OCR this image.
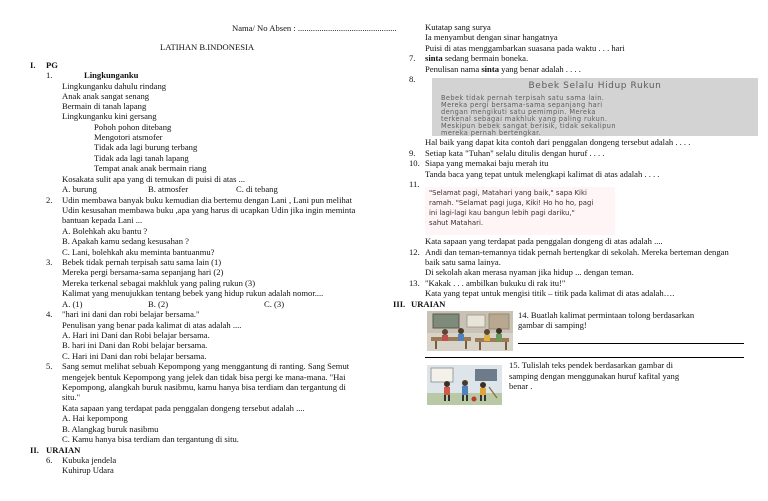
Nama/ No Absen : ..............................................
LATIHAN B.INDONESIA
I. PG
1.	Lingkunganku
Lingkunganku dahulu rindang
Anak anak sangat senang
Bermain di tanah lapang
Lingkunganku kini gersang
Pohoh pohon ditebang
Mengotori atsmofer
Tidak ada lagi burung terbang
Tidak ada lagi tanah lapang
Tempat anak anak bermain riang
Kosakata sulit apa yang di temukan di puisi di atas ...
A. burung	B. atmosfer	C. di tebang
2. Udin membawa banyak buku kemudian dia bertemu dengan Lani , Lani pun melihat
Udin kesusahan membawa buku ,apa yang harus di ucapkan Udin jika ingin meminta
bantuan kepada Lani ...
A. Bolehkah aku bantu ?
B. Apakah kamu sedang kesusahan ?
C. Lani, bolehkah aku meminta bantuanmu?
3. Bebek tidak pernah terpisah satu sama lain (1)
Mereka pergi bersama-sama sepanjang hari (2)
Mereka terkenal sebagai makhluk yang paling rukun (3)
Kalimat yang menujukkan tentang bebek yang hidup rukun adalah nomor....
A. (1)	B. (2)	C. (3)
4. "hari ini dani dan robi belajar bersama."
Penulisan yang benar pada kalimat di atas adalah ....
A. Hari ini Dani dan Robi belajar bersama.
B. hari ini Dani dan Robi belajar bersama.
C. Hari ini Dani dan robi belajar bersama.
5. Sang semut melihat sebuah Kepompong yang menggantung di ranting. Sang Semut
mengejek bentuk Kepompong yang jelek dan tidak bisa pergi ke mana-mana. "Hai
Kepompong, alangkah buruk nasibmu, kamu hanya bisa terdiam dan tergantung di
situ."
Kata sapaan yang terdapat pada penggalan dongeng tersebut adalah ....
A. Hai kepompong
B. Alangkag buruk nasibmu
C. Kamu hanya bisa terdiam dan tergantung di situ.
II. URAIAN
6. Kubuka jendela
Kuhirup Udara
Kutatap sang surya
Ia menyambut dengan sinar hangatnya
Puisi di atas menggambarkan suasana pada waktu . . . hari
7. sinta sedang bermain boneka.
Penulisan nama sinta yang benar adalah . . . .
8.
Bebek Selalu Hidup Rukun
Bebek tidak pernah terpisah satu sama lain.
Mereka pergi bersama-sama sepanjang hari
dengan mengikuti satu pemimpin. Mereka
terkenal sebagai makhluk yang paling rukun.
Meskipun bebek sangat berisik, tidak sekalipun
mereka pernah bertengkar.
Hal baik yang dapat kita contoh dari penggalan dongeng tersebut adalah . . . .
9. Setiap kata "Tuhan" selalu ditulis dengan huruf . . . .
10. Siapa yang memakai baju merah itu
Tanda baca yang tepat untuk melengkapi kalimat di atas adalah . . . .
11.
"Selamat pagi, Matahari yang baik," sapa Kiki
ramah. "Selamat pagi juga, Kiki! Ho ho ho, pagi
ini lagi-lagi kau bangun lebih pagi dariku,"
sahut Matahari.
Kata sapaan yang terdapat pada penggalan dongeng di atas adalah ....
12. Andi dan teman-temannya tidak pernah bertengkar di sekolah. Mereka berteman dengan
baik satu sama lainya.
Di sekolah akan merasa nyaman jika hidup ... dengan teman.
13. "Kakak . . . ambilkan bukuku di rak itu!"
Kata yang tepat untuk mengisi titik – titik pada kalimat di atas adalah….
III. URAIAN
14. Buatlah kalimat permintaan tolong berdasarkan
gambar di samping!
15. Tulislah teks pendek berdasarkan gambar di
samping dengan menggunakan huruf kafital yang
benar .
